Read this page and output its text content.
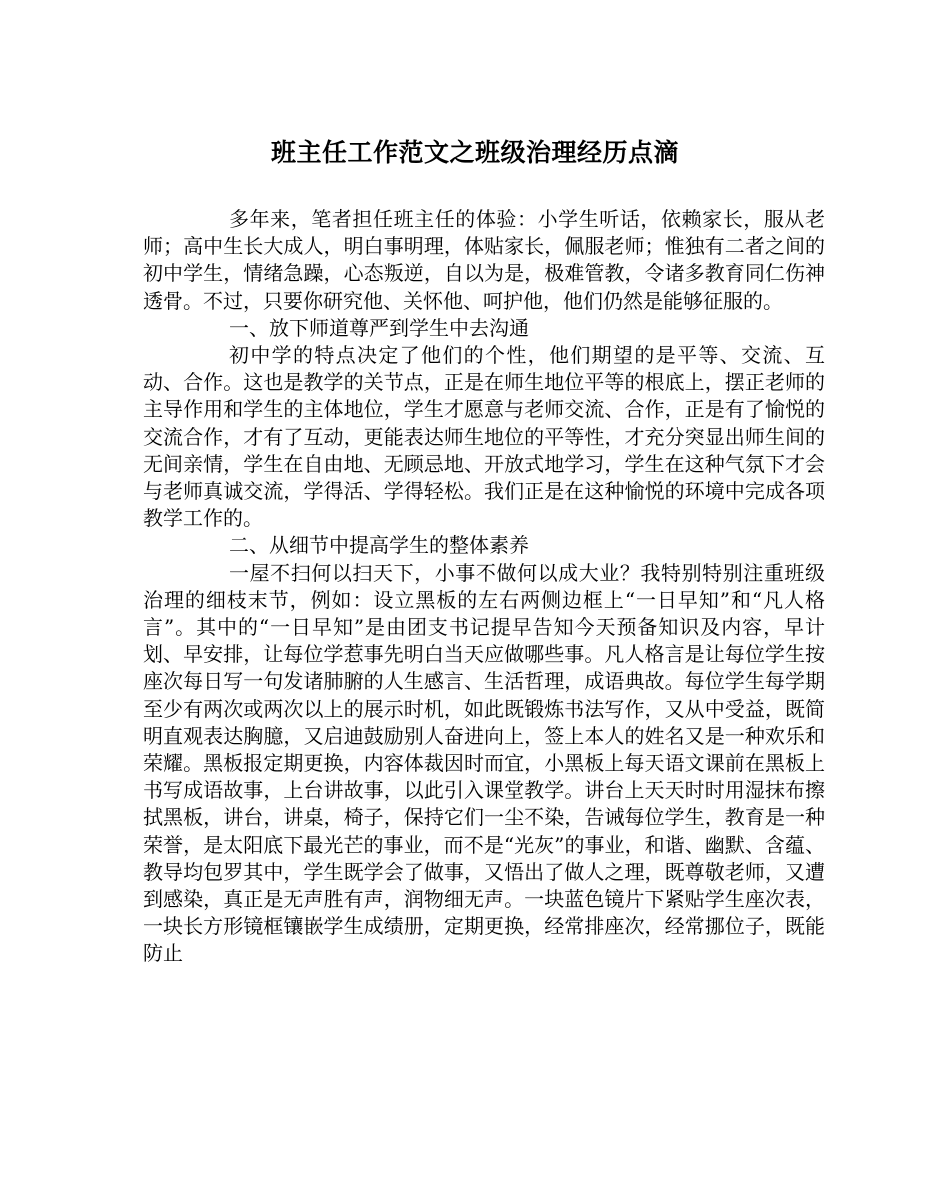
班主任工作范文之班级治理经历点滴

多年来，笔者担任班主任的体验：小学生听话，依赖家长，服从老师；高中生长大成人，明白事明理，体贴家长，佩服老师；惟独有二者之间的初中学生，情绪急躁，心态叛逆，自以为是，极难管教，令诸多教育同仁伤神透骨。不过，只要你研究他、关怀他、呵护他，他们仍然是能够征服的。

一、放下师道尊严到学生中去沟通

初中学的特点决定了他们的个性，他们期望的是平等、交流、互动、合作。这也是教学的关节点，正是在师生地位平等的根底上，摆正老师的主导作用和学生的主体地位，学生才愿意与老师交流、合作，正是有了愉悦的交流合作，才有了互动，更能表达师生地位的平等性，才充分突显出师生间的无间亲情，学生在自由地、无顾忌地、开放式地学习，学生在这种气氛下才会与老师真诚交流，学得活、学得轻松。我们正是在这种愉悦的环境中完成各项教学工作的。

二、从细节中提高学生的整体素养

一屋不扫何以扫天下，小事不做何以成大业？我特别特别注重班级治理的细枝末节，例如：设立黑板的左右两侧边框上“一日早知”和“凡人格言”。其中的“一日早知”是由团支书记提早告知今天预备知识及内容，早计划、早安排，让每位学惹事先明白当天应做哪些事。凡人格言是让每位学生按座次每日写一句发诸肺腑的人生感言、生活哲理，成语典故。每位学生每学期至少有两次或两次以上的展示时机，如此既锻炼书法写作，又从中受益，既简明直观表达胸臆，又启迪鼓励别人奋进向上，签上本人的姓名又是一种欢乐和荣耀。黑板报定期更换，内容体裁因时而宜，小黑板上每天语文课前在黑板上书写成语故事，上台讲故事，以此引入课堂教学。讲台上天天时时用湿抹布擦拭黑板，讲台，讲桌，椅子，保持它们一尘不染，告诫每位学生，教育是一种荣誉，是太阳底下最光芒的事业，而不是“光灰”的事业，和谐、幽默、含蕴、教导均包罗其中，学生既学会了做事，又悟出了做人之理，既尊敬老师，又遭到感染，真正是无声胜有声，润物细无声。一块蓝色镜片下紧贴学生座次表，一块长方形镜框镶嵌学生成绩册，定期更换，经常排座次，经常挪位子，既能防止
